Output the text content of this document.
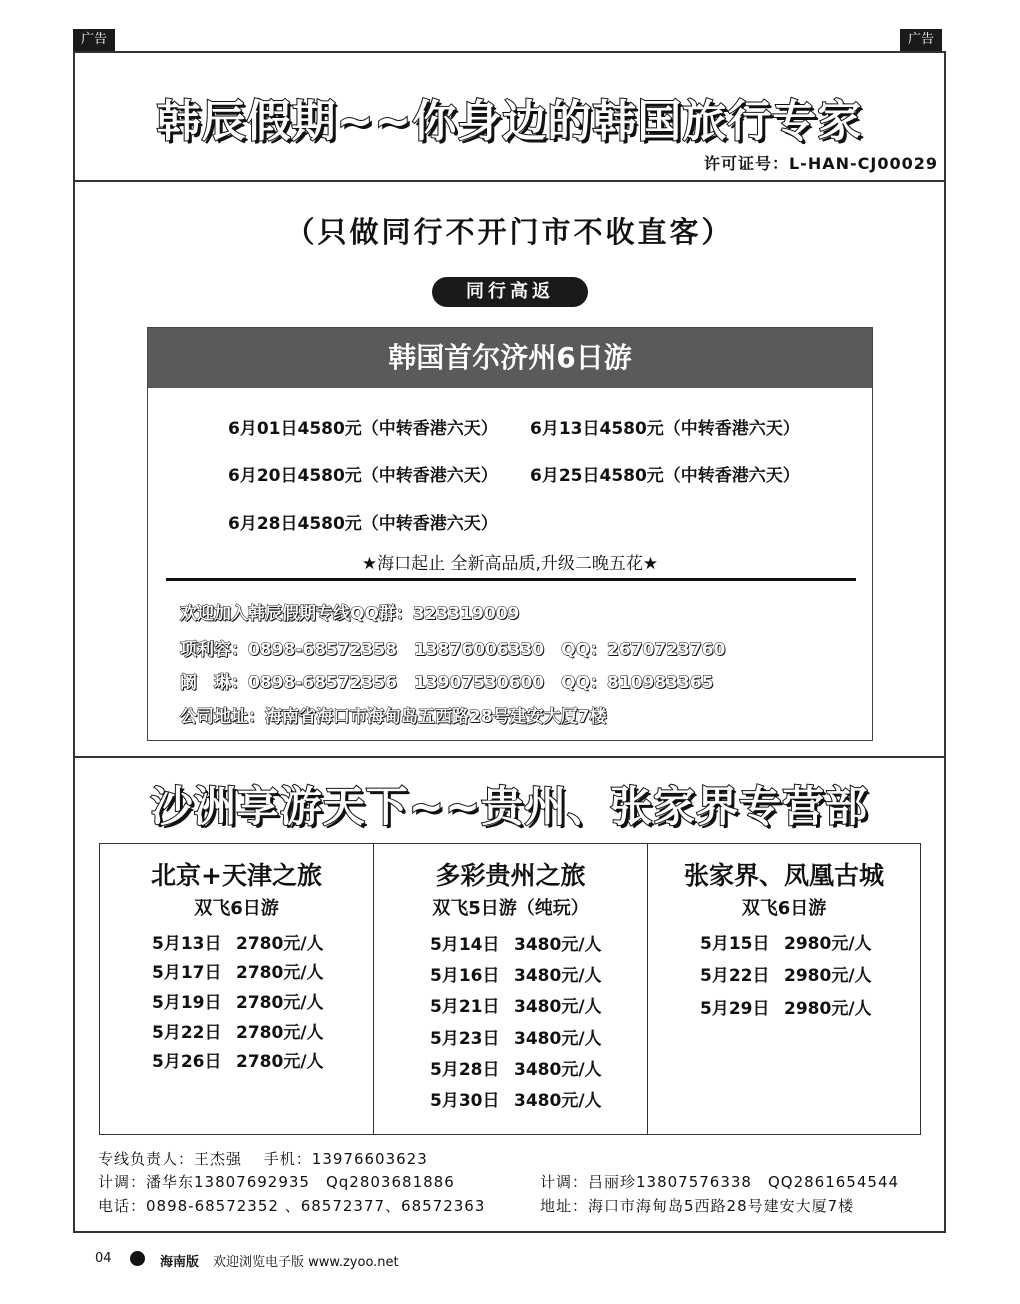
广告	广告
韩辰假期~~你身边的韩国旅行专家
许可证号：L-HAN-CJ00029
（只做同行不开门市不收直客）
同行高返
韩国首尔济州6日游
6月01日4580元（中转香港六天） 6月13日4580元（中转香港六天）
6月20日4580元（中转香港六天） 6月25日4580元（中转香港六天）
6月28日4580元（中转香港六天）
★海口起止 全新高品质,升级二晚五花★
欢迎加入韩辰假期专线QQ群：323319009
项利容：0898-68572358　13876006330　QQ：2670723760
阚　琳：0898-68572356　13907530600　QQ：810983365
公司地址：海南省海口市海甸岛五西路28号建安大厦7楼
沙洲享游天下~~贵州、张家界专营部
北京+天津之旅
双飞6日游
5月13日 2780元/人
5月17日 2780元/人
5月19日 2780元/人
5月22日 2780元/人
5月26日 2780元/人
多彩贵州之旅
双飞5日游（纯玩）
5月14日 3480元/人
5月16日 3480元/人
5月21日 3480元/人
5月23日 3480元/人
5月28日 3480元/人
5月30日 3480元/人
张家界、凤凰古城
双飞6日游
5月15日 2980元/人
5月22日 2980元/人
5月29日 2980元/人
专线负责人：王杰强　 手机：13976603623
计调：潘华东13807692935　Qq2803681886	计调：吕丽珍13807576338　QQ2861654544
电话：0898-68572352 、68572377、68572363	地址：海口市海甸岛5西路28号建安大厦7楼
04	海南版 欢迎浏览电子版 www.zyoo.net
